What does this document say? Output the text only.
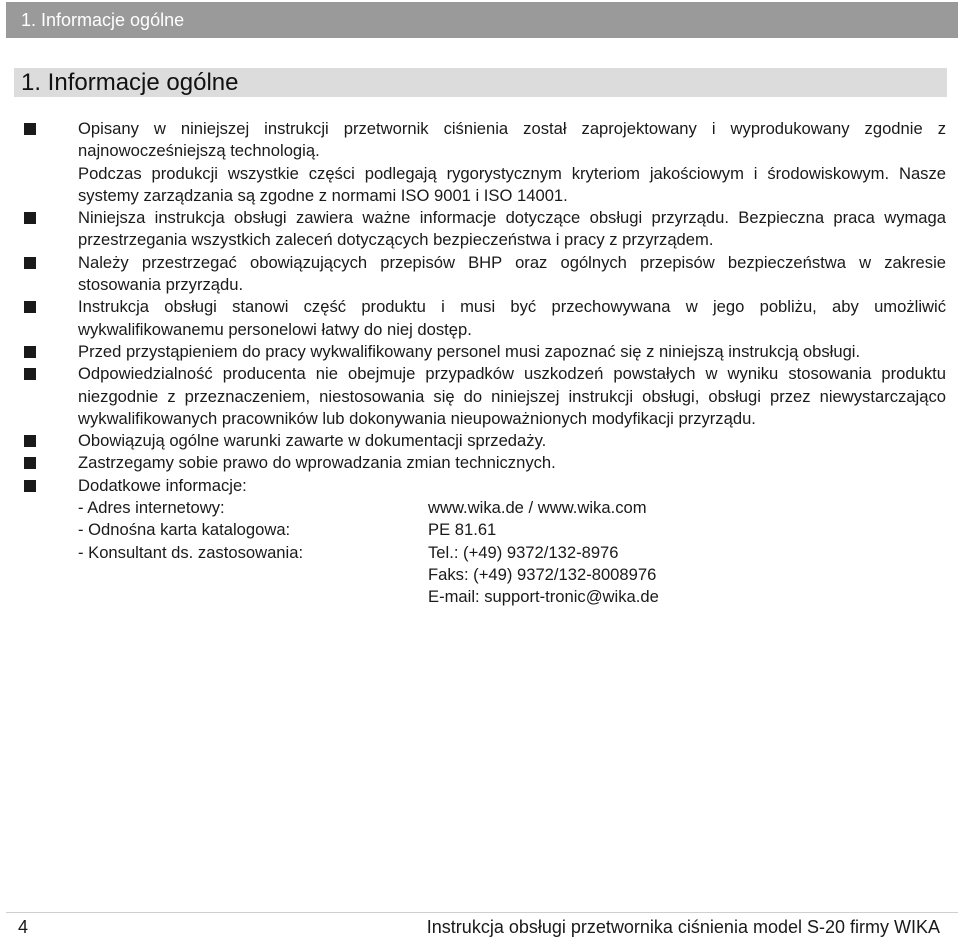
1. Informacje ogólne
1. Informacje ogólne

Opisany w niniejszej instrukcji przetwornik ciśnienia został zaprojektowany i wyprodukowany zgodnie z najnowocześniejszą technologią.

Podczas produkcji wszystkie części podlegają rygorystycznym kryteriom jakościowym i środowiskowym. Nasze systemy zarządzania są zgodne z normami ISO 9001 i ISO 14001.

Niniejsza instrukcja obsługi zawiera ważne informacje dotyczące obsługi przyrządu. Bezpieczna praca wymaga przestrzegania wszystkich zaleceń dotyczących bezpieczeństwa i pracy z przyrządem.

Należy przestrzegać obowiązujących przepisów BHP oraz ogólnych przepisów bezpieczeństwa w zakresie stosowania przyrządu.

Instrukcja obsługi stanowi część produktu i musi być przechowywana w jego pobliżu, aby umożliwić wykwalifikowanemu personelowi łatwy do niej dostęp.

Przed przystąpieniem do pracy wykwalifikowany personel musi zapoznać się z niniejszą instrukcją obsługi.

Odpowiedzialność producenta nie obejmuje przypadków uszkodzeń powstałych w wyniku stosowania produktu niezgodnie z przeznaczeniem, niestosowania się do niniejszej instrukcji obsługi, obsługi przez niewystarczająco wykwalifikowanych pracowników lub dokonywania nieupoważnionych modyfikacji przyrządu.

Obowiązują ogólne warunki zawarte w dokumentacji sprzedaży.

Zastrzegamy sobie prawo do wprowadzania zmian technicznych.

Dodatkowe informacje:

- Adres internetowy:	www.wika.de / www.wika.com
- Odnośna karta katalogowa:	PE 81.61
- Konsultant ds. zastosowania:	Tel.: (+49) 9372/132-8976
Faks: (+49) 9372/132-8008976
E-mail: support-tronic@wika.de
4	Instrukcja obsługi przetwornika ciśnienia model S-20 firmy WIKA
